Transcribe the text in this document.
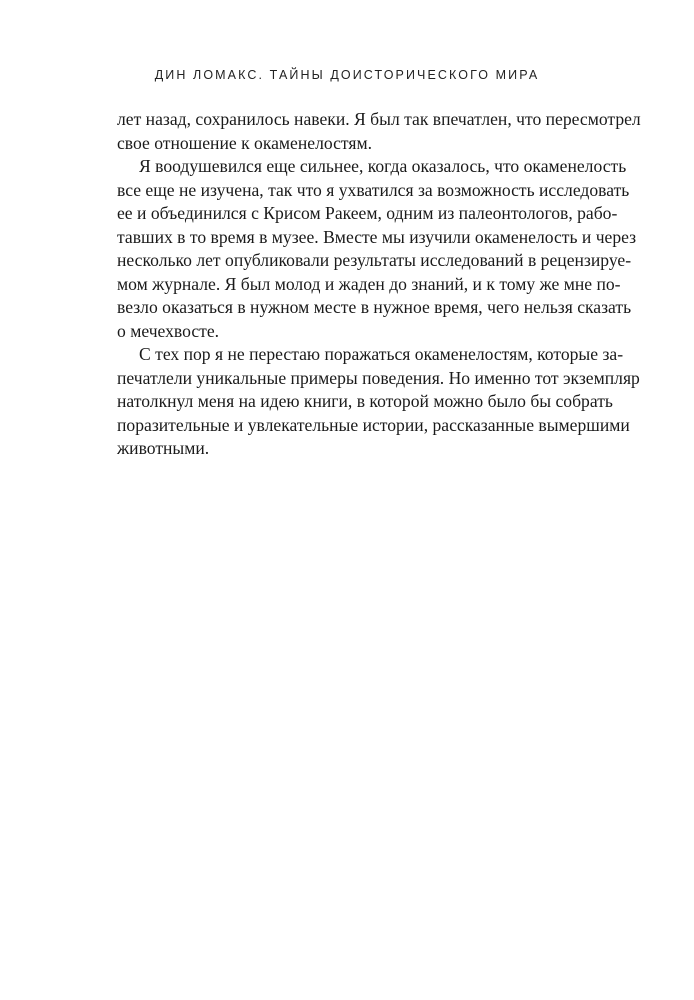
ДИН ЛОМАКС. ТАЙНЫ ДОИСТОРИЧЕСКОГО МИРА
лет назад, сохранилось навеки. Я был так впечатлен, что пересмотрел
свое отношение к окаменелостям.
Я воодушевился еще сильнее, когда оказалось, что окаменелость
все еще не изучена, так что я ухватился за возможность исследовать
ее и объединился с Крисом Ракеем, одним из палеонтологов, рабо-
тавших в то время в музее. Вместе мы изучили окаменелость и через
несколько лет опубликовали результаты исследований в рецензируе-
мом журнале. Я был молод и жаден до знаний, и к тому же мне по-
везло оказаться в нужном месте в нужное время, чего нельзя сказать
о мечехвосте.
С тех пор я не перестаю поражаться окаменелостям, которые за-
печатлели уникальные примеры поведения. Но именно тот экземпляр
натолкнул меня на идею книги, в которой можно было бы собрать
поразительные и увлекательные истории, рассказанные вымершими
животными.
